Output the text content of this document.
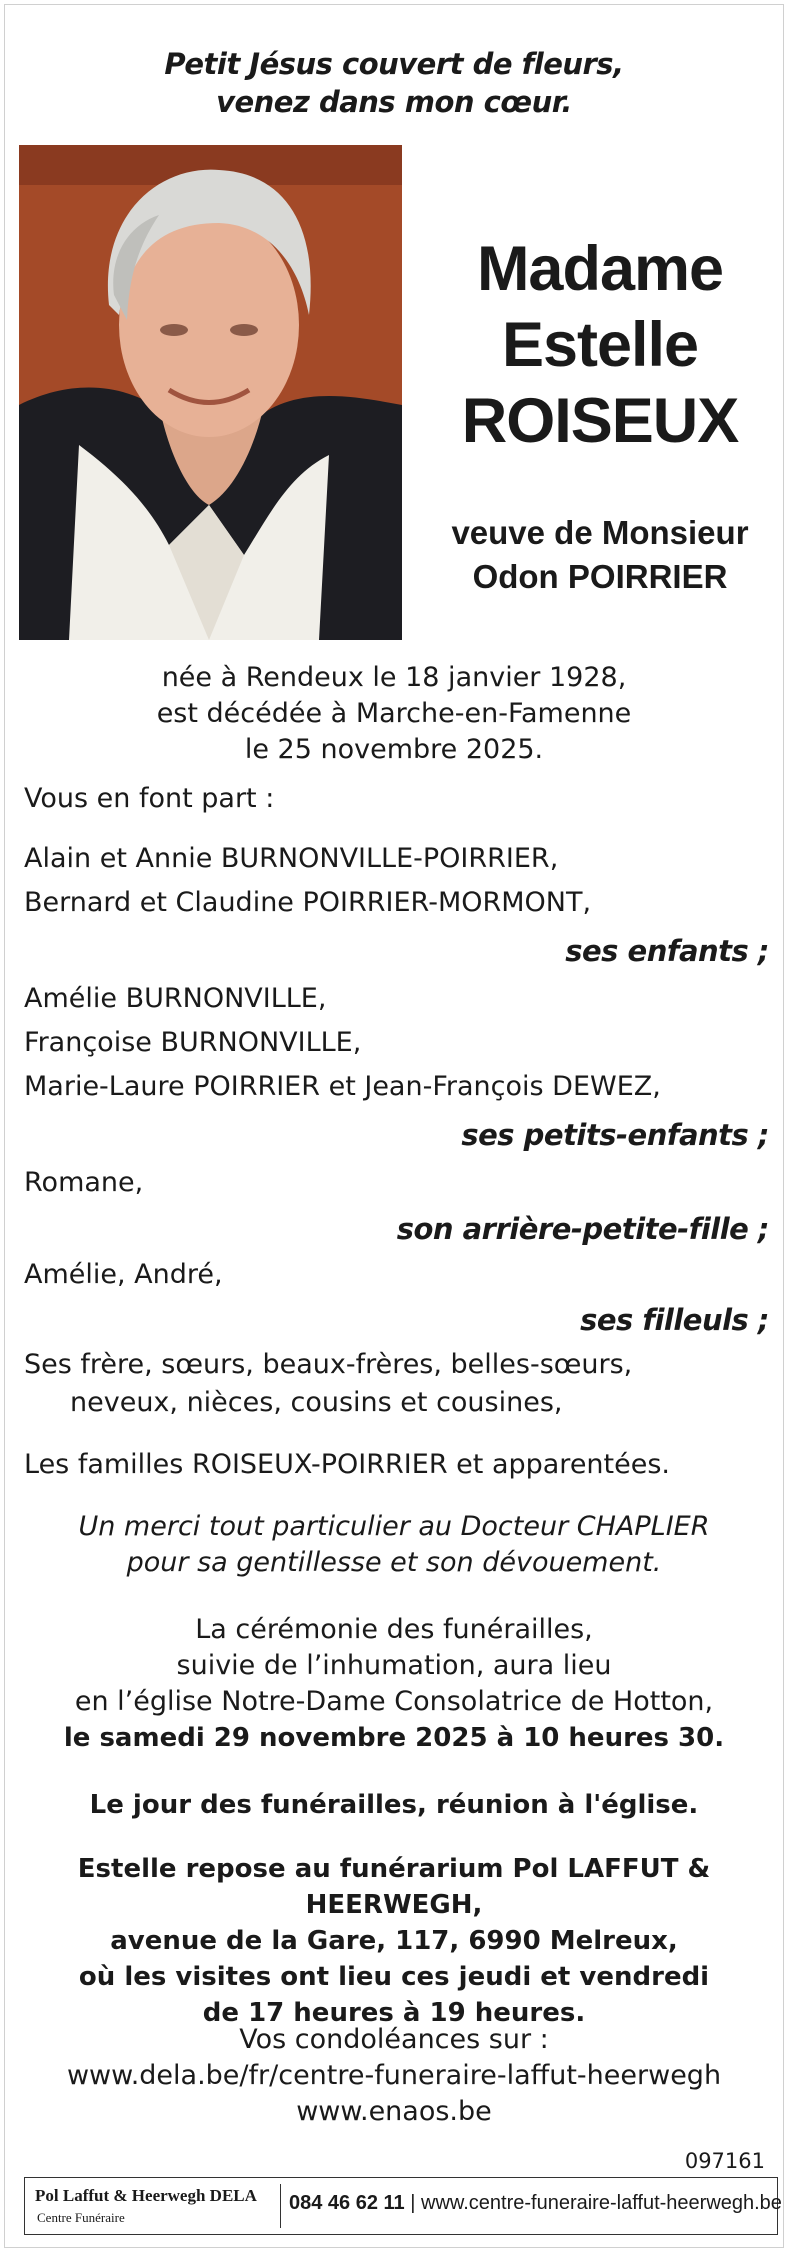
Petit Jésus couvert de fleurs,
venez dans mon cœur.
Madame
Estelle
ROISEUX
veuve de Monsieur
Odon POIRRIER
née à Rendeux le 18 janvier 1928,
est décédée à Marche-en-Famenne
le 25 novembre 2025.
Vous en font part :
Alain et Annie BURNONVILLE-POIRRIER,
Bernard et Claudine POIRRIER-MORMONT,
ses enfants ;
Amélie BURNONVILLE,
Françoise BURNONVILLE,
Marie-Laure POIRRIER et Jean-François DEWEZ,
ses petits-enfants ;
Romane,
son arrière-petite-fille ;
Amélie, André,
ses filleuls ;
Ses frère, sœurs, beaux-frères, belles-sœurs,
neveux, nièces, cousins et cousines,
Les familles ROISEUX-POIRRIER et apparentées.
Un merci tout particulier au Docteur CHAPLIER
pour sa gentillesse et son dévouement.
La cérémonie des funérailles,
suivie de l’inhumation, aura lieu
en l’église Notre-Dame Consolatrice de Hotton,
le samedi 29 novembre 2025 à 10 heures 30.
Le jour des funérailles, réunion à l'église.
Estelle repose au funérarium Pol LAFFUT & HEERWEGH,
avenue de la Gare, 117, 6990 Melreux,
où les visites ont lieu ces jeudi et vendredi
de 17 heures à 19 heures.
Vos condoléances sur :
www.dela.be/fr/centre-funeraire-laffut-heerwegh
www.enaos.be
097161
Pol Laffut & Heerwegh DELA
Centre Funéraire
084 46 62 11 | www.centre-funeraire-laffut-heerwegh.be
